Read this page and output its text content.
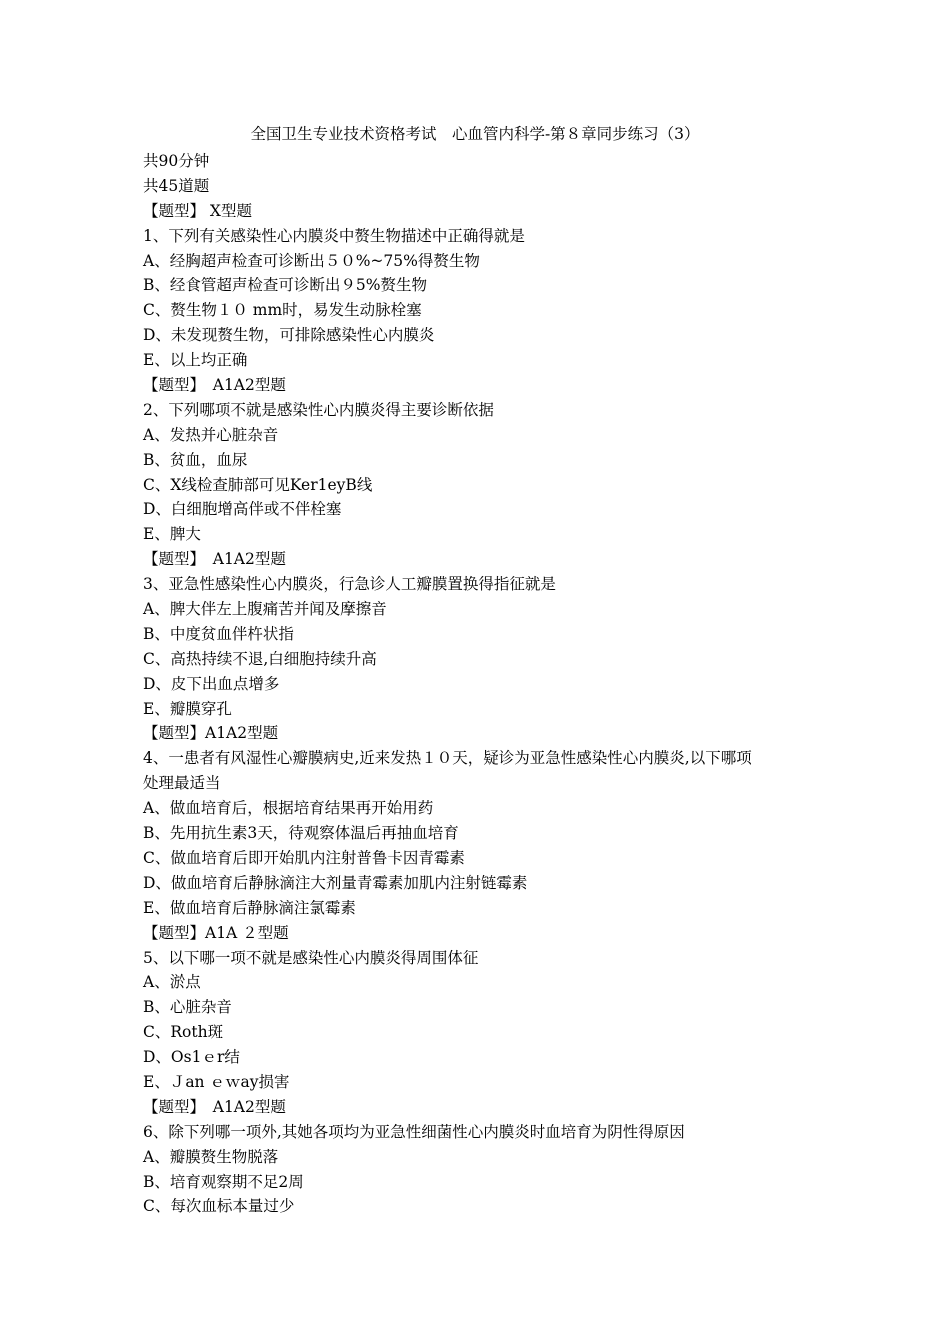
全国卫生专业技术资格考试　心血管内科学-第８章同步练习（3）
共90分钟
共45道题
【题型】 X型题
1、下列有关感染性心内膜炎中赘生物描述中正确得就是
A、经胸超声检查可诊断出５０%~75%得赘生物
B、经食管超声检查可诊断出９5%赘生物
C、赘生物１０ mm时，易发生动脉栓塞
D、未发现赘生物，可排除感染性心内膜炎
E、以上均正确
【题型】　A1A2型题
2、下列哪项不就是感染性心内膜炎得主要诊断依据
A、发热并心脏杂音
B、贫血，血尿
C、X线检查肺部可见Ker1eyB线
D、白细胞增高伴或不伴栓塞
E、脾大
【题型】　A1A2型题
3、亚急性感染性心内膜炎，行急诊人工瓣膜置换得指征就是
A、脾大伴左上腹痛苦并闻及摩擦音
B、中度贫血伴杵状指
C、高热持续不退,白细胞持续升高
D、皮下出血点增多
E、瓣膜穿孔
【题型】A1A2型题
4、一患者有风湿性心瓣膜病史,近来发热１０天，疑诊为亚急性感染性心内膜炎,以下哪项
处理最适当
A、做血培育后，根据培育结果再开始用药
B、先用抗生素3天，待观察体温后再抽血培育
C、做血培育后即开始肌内注射普鲁卡因青霉素
D、做血培育后静脉滴注大剂量青霉素加肌内注射链霉素
E、做血培育后静脉滴注氯霉素
【题型】A1A ２型题
5、以下哪一项不就是感染性心内膜炎得周围体征
A、淤点
B、心脏杂音
C、Roth斑
D、Os1ｅr结
E、Ｊan ｅｗay损害
【题型】　A1A2型题
6、除下列哪一项外,其她各项均为亚急性细菌性心内膜炎时血培育为阴性得原因
A、瓣膜赘生物脱落
B、培育观察期不足2周
C、每次血标本量过少
